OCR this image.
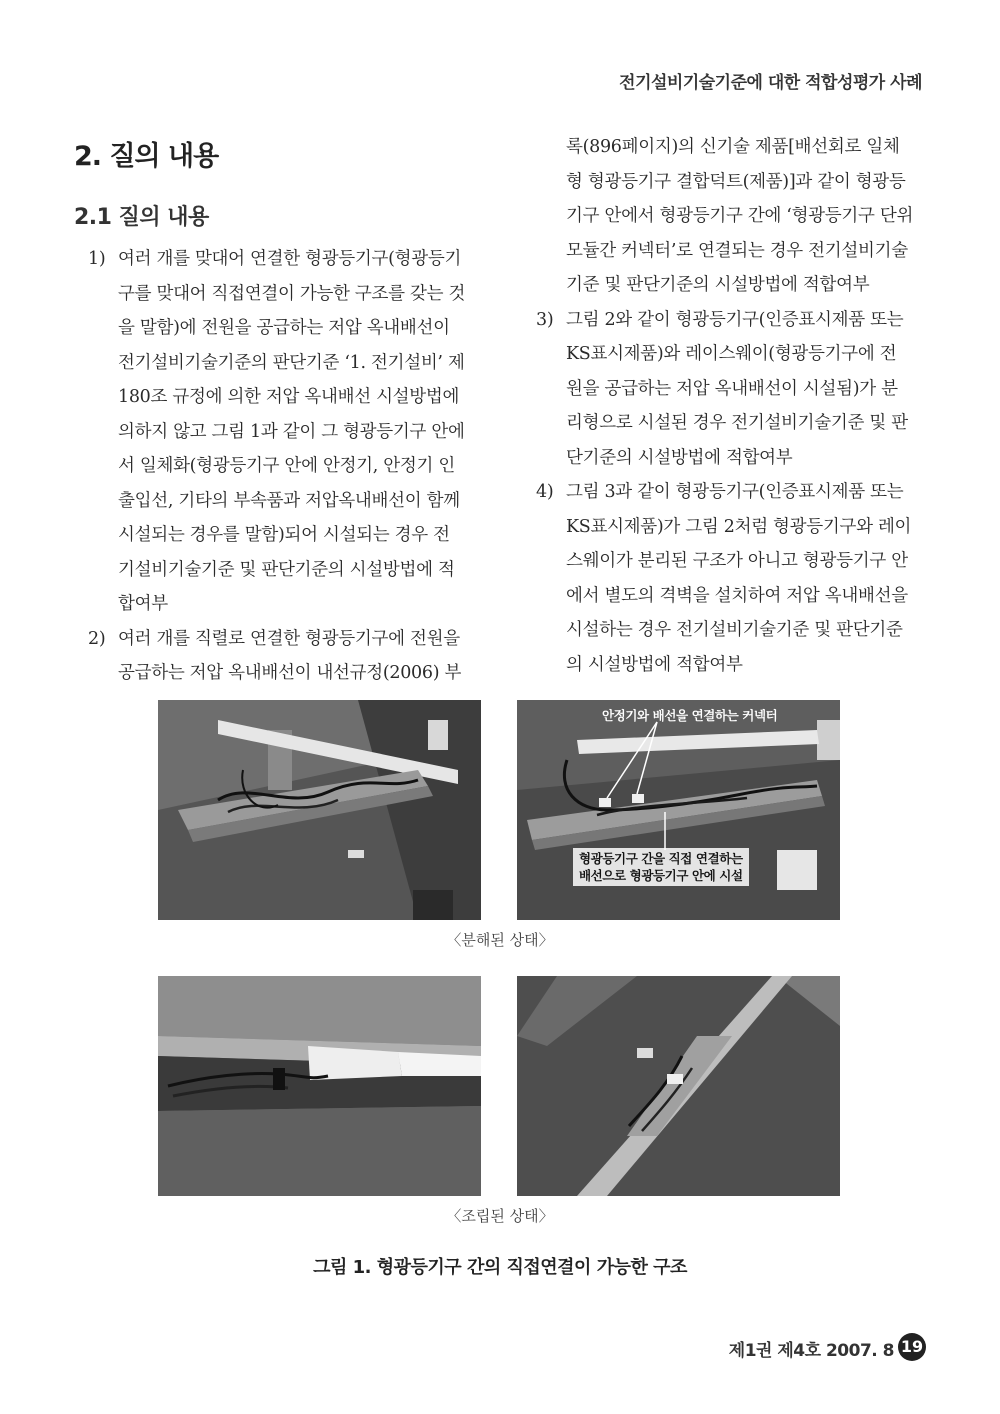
전기설비기술기준에 대한 적합성평가 사례
2. 질의 내용
2.1 질의 내용
1) 여러 개를 맞대어 연결한 형광등기구(형광등기
구를 맞대어 직접연결이 가능한 구조를 갖는 것
을 말함)에 전원을 공급하는 저압 옥내배선이
전기설비기술기준의 판단기준 ‘1. 전기설비’ 제
180조 규정에 의한 저압 옥내배선 시설방법에
의하지 않고 그림 1과 같이 그 형광등기구 안에
서 일체화(형광등기구 안에 안정기, 안정기 인
출입선, 기타의 부속품과 저압옥내배선이 함께
시설되는 경우를 말함)되어 시설되는 경우 전
기설비기술기준 및 판단기준의 시설방법에 적
합여부
2) 여러 개를 직렬로 연결한 형광등기구에 전원을
공급하는 저압 옥내배선이 내선규정(2006) 부
록(896페이지)의 신기술 제품[배선회로 일체
형 형광등기구 결합덕트(제품)]과 같이 형광등
기구 안에서 형광등기구 간에 ‘형광등기구 단위
모듈간 커넥터’로 연결되는 경우 전기설비기술
기준 및 판단기준의 시설방법에 적합여부
3) 그림 2와 같이 형광등기구(인증표시제품 또는
KS표시제품)와 레이스웨이(형광등기구에 전
원을 공급하는 저압 옥내배선이 시설됨)가 분
리형으로 시설된 경우 전기설비기술기준 및 판
단기준의 시설방법에 적합여부
4) 그림 3과 같이 형광등기구(인증표시제품 또는
KS표시제품)가 그림 2처럼 형광등기구와 레이
스웨이가 분리된 구조가 아니고 형광등기구 안
에서 별도의 격벽을 설치하여 저압 옥내배선을
시설하는 경우 전기설비기술기준 및 판단기준
의 시설방법에 적합여부
안정기와 배선을 연결하는 커넥터
형광등기구 간을 직접 연결하는
배선으로 형광등기구 안에 시설
〈분해된 상태〉
〈조립된 상태〉
그림 1. 형광등기구 간의 직접연결이 가능한 구조
제1권 제4호 2007. 8 19
